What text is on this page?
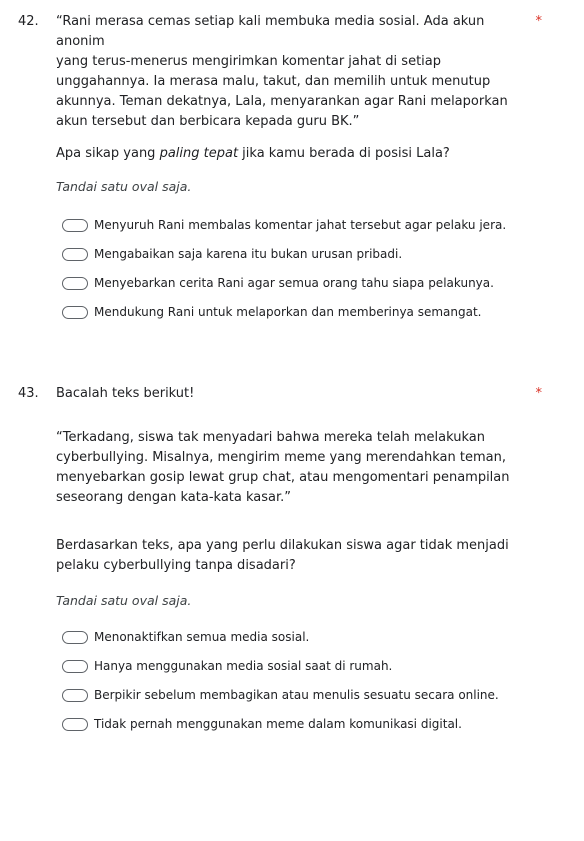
42.	*
“Rani merasa cemas setiap kali membuka media sosial. Ada akun anonim
yang terus-menerus mengirimkan komentar jahat di setiap
unggahannya. Ia merasa malu, takut, dan memilih untuk menutup
akunnya. Teman dekatnya, Lala, menyarankan agar Rani melaporkan
akun tersebut dan berbicara kepada guru BK.”
Apa sikap yang paling tepat jika kamu berada di posisi Lala?
Tandai satu oval saja.
Menyuruh Rani membalas komentar jahat tersebut agar pelaku jera.
Mengabaikan saja karena itu bukan urusan pribadi.
Menyebarkan cerita Rani agar semua orang tahu siapa pelakunya.
Mendukung Rani untuk melaporkan dan memberinya semangat.
43.	*
Bacalah teks berikut!
“Terkadang, siswa tak menyadari bahwa mereka telah melakukan
cyberbullying. Misalnya, mengirim meme yang merendahkan teman,
menyebarkan gosip lewat grup chat, atau mengomentari penampilan
seseorang dengan kata-kata kasar.”
Berdasarkan teks, apa yang perlu dilakukan siswa agar tidak menjadi
pelaku cyberbullying tanpa disadari?
Tandai satu oval saja.
Menonaktifkan semua media sosial.
Hanya menggunakan media sosial saat di rumah.
Berpikir sebelum membagikan atau menulis sesuatu secara online.
Tidak pernah menggunakan meme dalam komunikasi digital.
